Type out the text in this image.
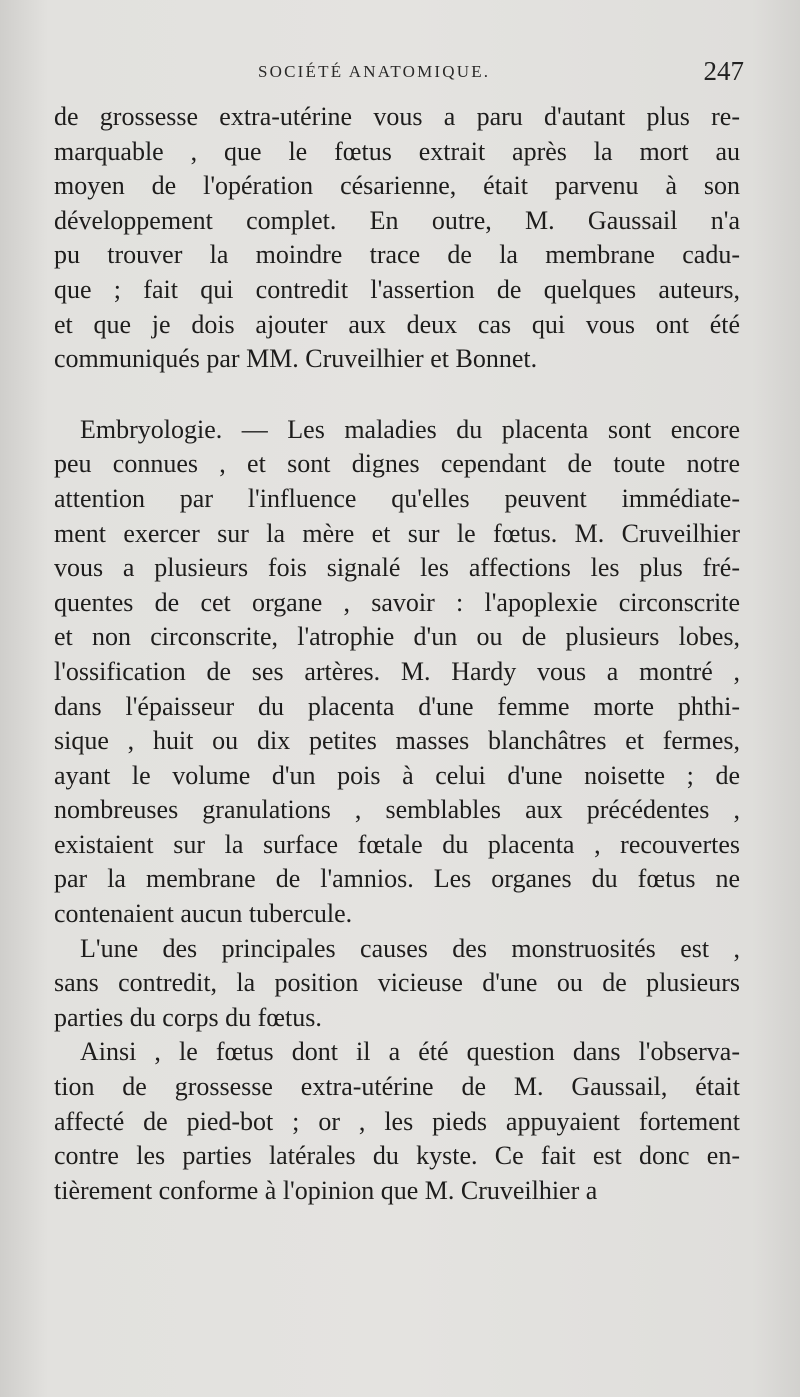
SOCIÉTÉ ANATOMIQUE.	247
de grossesse extra-utérine vous a paru d'autant plus re-
marquable , que le fœtus extrait après la mort au
moyen de l'opération césarienne, était parvenu à son
développement complet. En outre, M. Gaussail n'a
pu trouver la moindre trace de la membrane cadu-
que ; fait qui contredit l'assertion de quelques auteurs,
et que je dois ajouter aux deux cas qui vous ont été
communiqués par MM. Cruveilhier et Bonnet.
Embryologie. — Les maladies du placenta sont encore
peu connues , et sont dignes cependant de toute notre
attention par l'influence qu'elles peuvent immédiate-
ment exercer sur la mère et sur le fœtus. M. Cruveilhier
vous a plusieurs fois signalé les affections les plus fré-
quentes de cet organe , savoir : l'apoplexie circonscrite
et non circonscrite, l'atrophie d'un ou de plusieurs lobes,
l'ossification de ses artères. M. Hardy vous a montré ,
dans l'épaisseur du placenta d'une femme morte phthi-
sique , huit ou dix petites masses blanchâtres et fermes,
ayant le volume d'un pois à celui d'une noisette ; de
nombreuses granulations , semblables aux précédentes ,
existaient sur la surface fœtale du placenta , recouvertes
par la membrane de l'amnios. Les organes du fœtus ne
contenaient aucun tubercule.
L'une des principales causes des monstruosités est ,
sans contredit, la position vicieuse d'une ou de plusieurs
parties du corps du fœtus.
Ainsi , le fœtus dont il a été question dans l'observa-
tion de grossesse extra-utérine de M. Gaussail, était
affecté de pied-bot ; or , les pieds appuyaient fortement
contre les parties latérales du kyste. Ce fait est donc en-
tièrement conforme à l'opinion que M. Cruveilhier a
